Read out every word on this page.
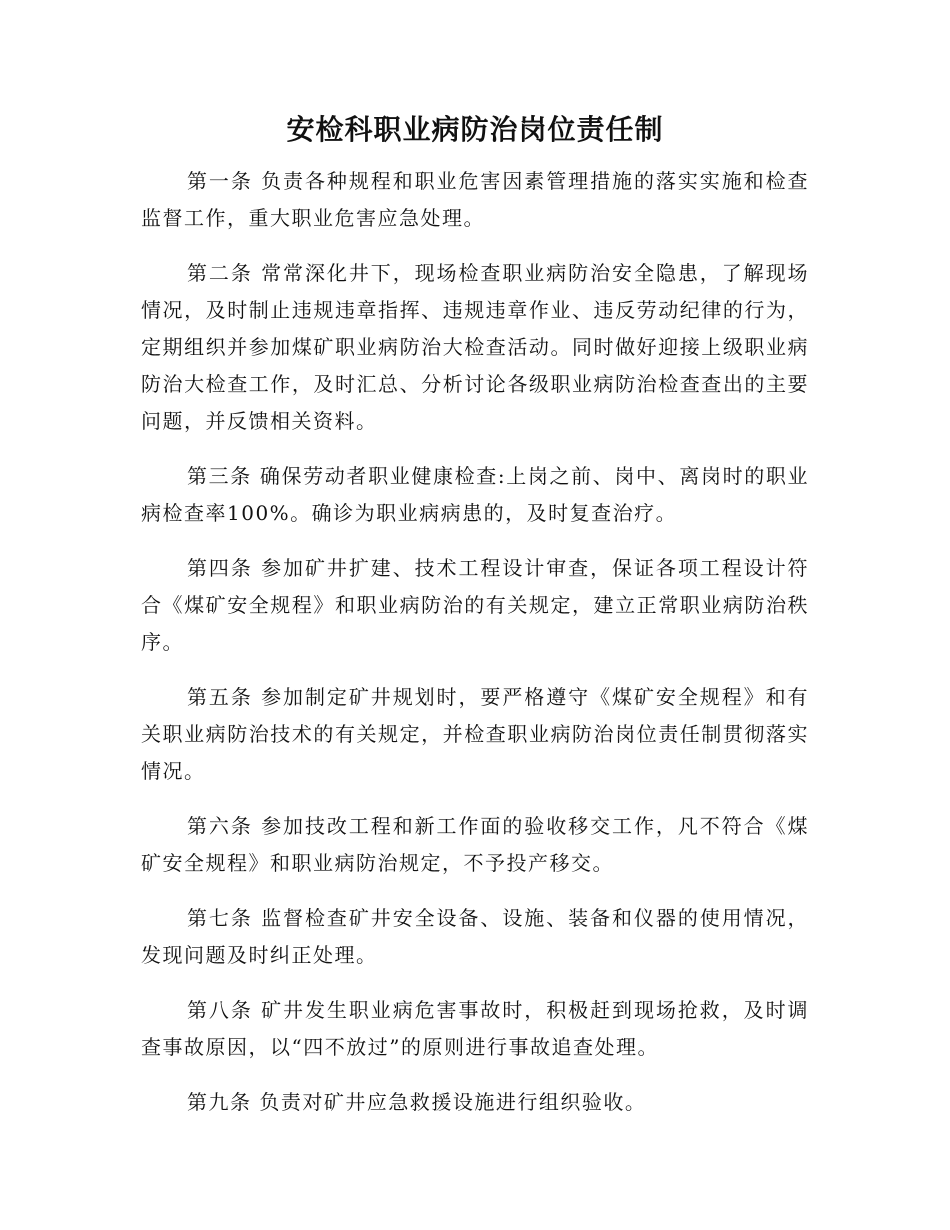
安检科职业病防治岗位责任制

第一条 负责各种规程和职业危害因素管理措施的落实实施和检查监督工作，重大职业危害应急处理。

第二条 常常深化井下，现场检查职业病防治安全隐患，了解现场情况，及时制止违规违章指挥、违规违章作业、违反劳动纪律的行为，定期组织并参加煤矿职业病防治大检查活动。同时做好迎接上级职业病防治大检查工作，及时汇总、分析讨论各级职业病防治检查查出的主要问题，并反馈相关资料。

第三条 确保劳动者职业健康检查:上岗之前、岗中、离岗时的职业病检查率100%。确诊为职业病病患的，及时复查治疗。

第四条 参加矿井扩建、技术工程设计审查，保证各项工程设计符合《煤矿安全规程》和职业病防治的有关规定，建立正常职业病防治秩序。

第五条 参加制定矿井规划时，要严格遵守《煤矿安全规程》和有关职业病防治技术的有关规定，并检查职业病防治岗位责任制贯彻落实情况。

第六条 参加技改工程和新工作面的验收移交工作，凡不符合《煤矿安全规程》和职业病防治规定，不予投产移交。

第七条 监督检查矿井安全设备、设施、装备和仪器的使用情况，发现问题及时纠正处理。

第八条 矿井发生职业病危害事故时，积极赶到现场抢救，及时调查事故原因，以“四不放过”的原则进行事故追查处理。

第九条 负责对矿井应急救援设施进行组织验收。
